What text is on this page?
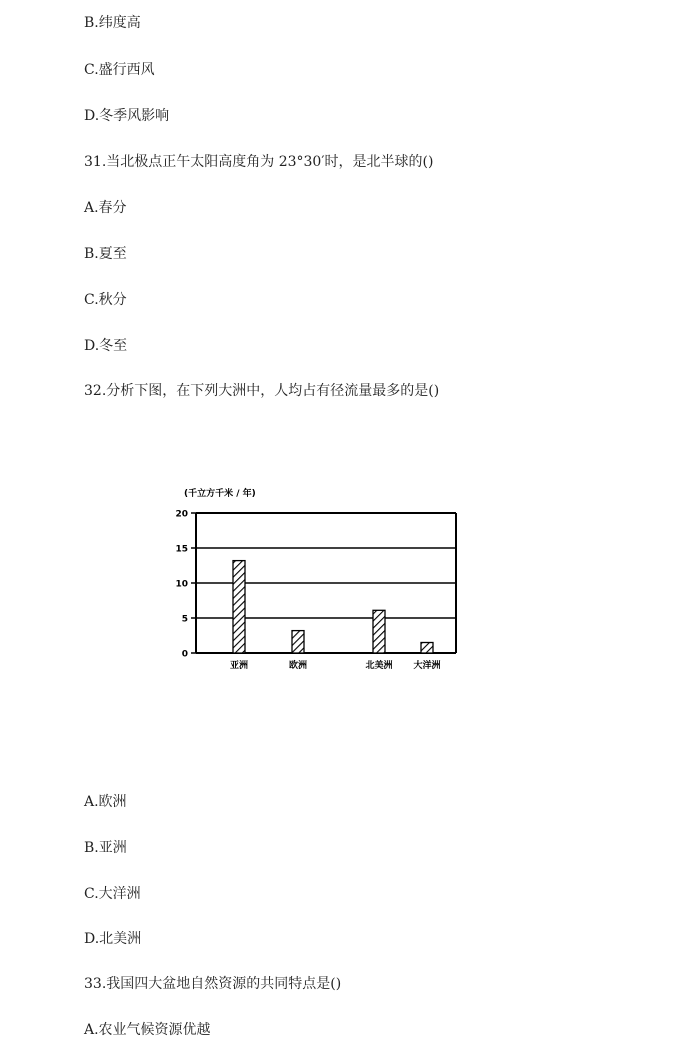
B.纬度高
C.盛行西风
D.冬季风影响
31.当北极点正午太阳高度角为 23°30′时，是北半球的()
A.春分
B.夏至
C.秋分
D.冬至
32.分析下图，在下列大洲中，人均占有径流量最多的是()
(千立方千米 / 年)
0
5
10
15
20
亚洲	欧洲	北美洲 大洋洲
A.欧洲
B.亚洲
C.大洋洲
D.北美洲
33.我国四大盆地自然资源的共同特点是()
A.农业气候资源优越
